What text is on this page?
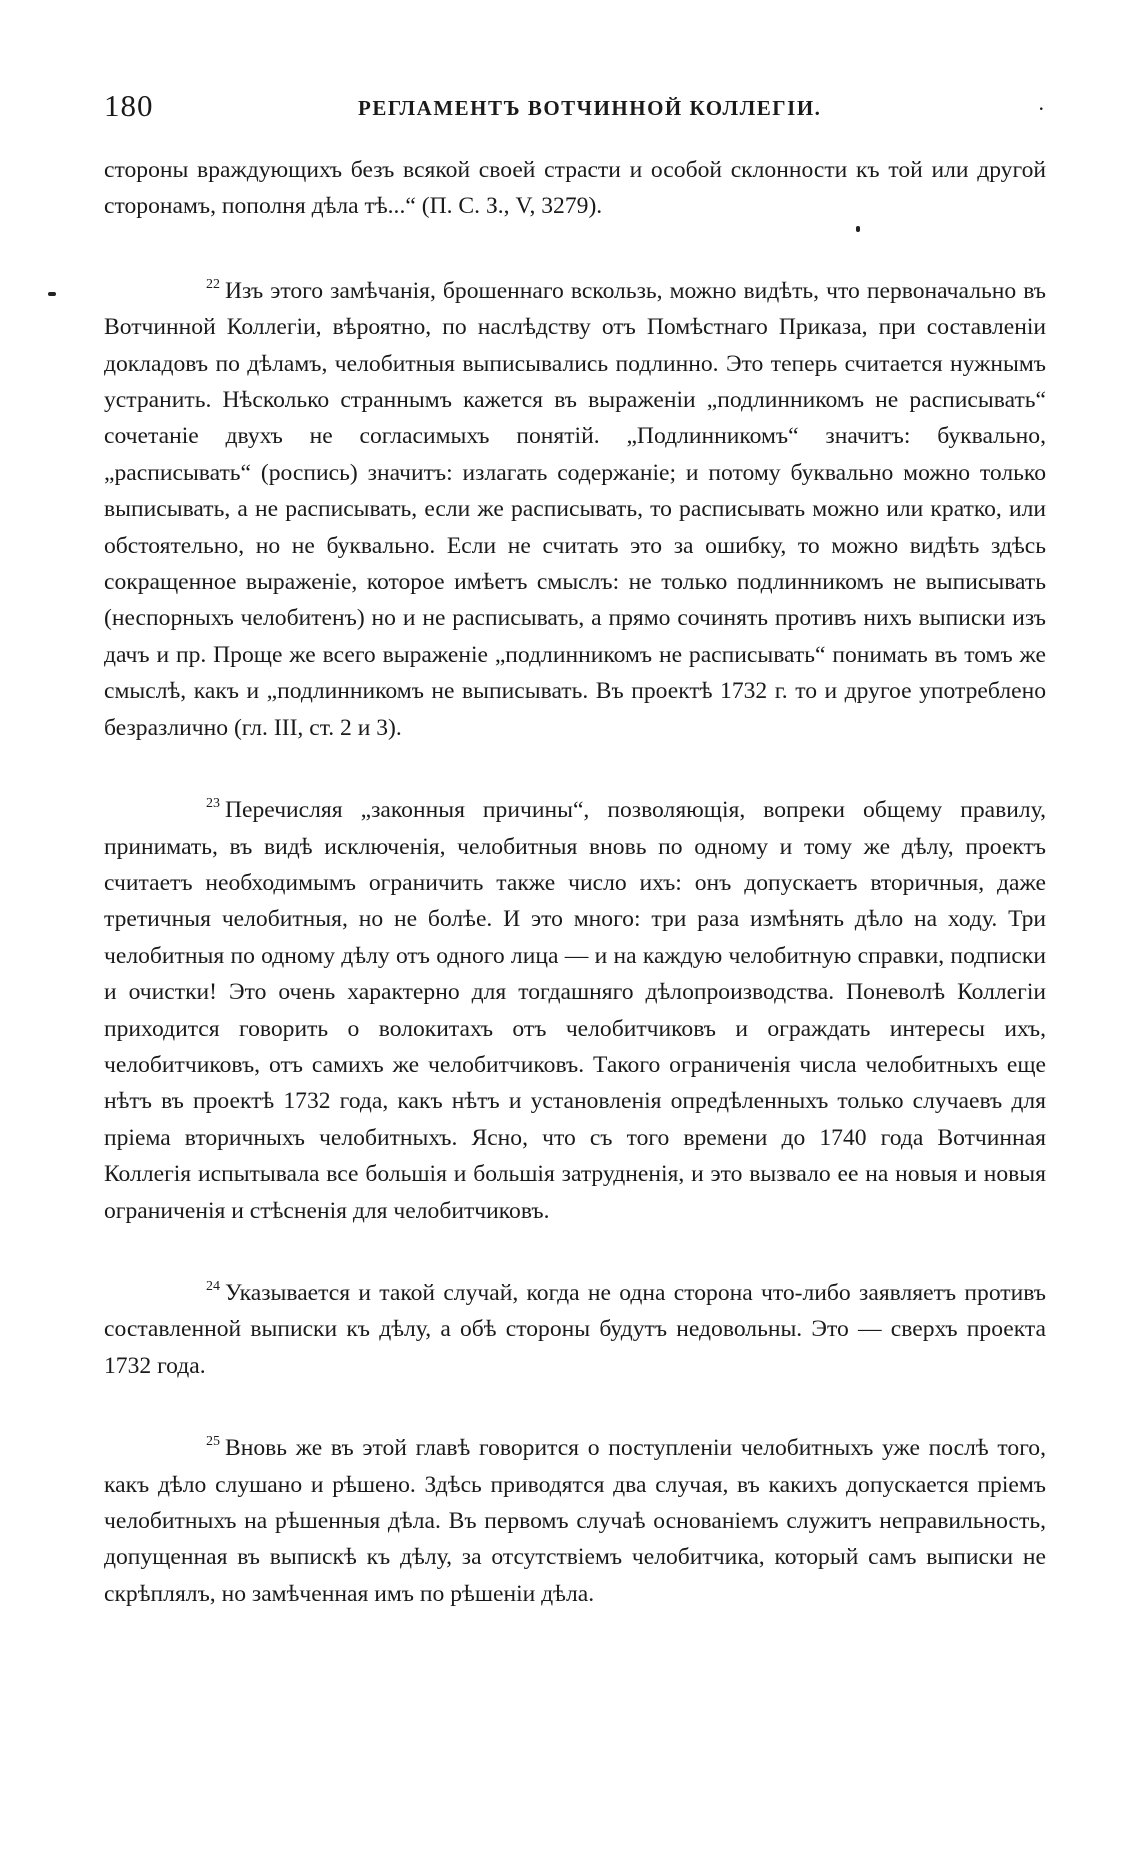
180	РЕГЛАМЕНТЪ ВОТЧИННОЙ КОЛЛЕГІИ.	.

стороны враждующихъ безъ всякой своей страсти и особой склонности къ той или другой сторонамъ, пополня дѣла тѣ...“ (П. С. З., V, 3279).

$^{22}$ Изъ этого замѣчанія, брошеннаго вскользь, можно видѣть, что первоначально въ Вотчинной Коллегіи, вѣроятно, по наслѣдству отъ Помѣстнаго Приказа, при составленіи докладовъ по дѣламъ, челобитныя выписывались подлинно. Это теперь считается нужнымъ устранить. Нѣсколько страннымъ кажется въ выраженіи „подлинникомъ не расписывать“ сочетаніе двухъ не согласимыхъ понятій. „Подлинникомъ“ значитъ: буквально, „расписывать“ (роспись) значитъ: излагать содержаніе; и потому буквально можно только выписывать, а не расписывать, если же расписывать, то расписывать можно или кратко, или обстоятельно, но не буквально. Если не считать это за ошибку, то можно видѣть здѣсь сокращенное выраженіе, которое имѣетъ смыслъ: не только подлинникомъ не выписывать (неспорныхъ челобитенъ) но и не расписывать, а прямо сочинять противъ нихъ выписки изъ дачъ и пр. Проще же всего выраженіе „подлинникомъ не расписывать“ понимать въ томъ же смыслѣ, какъ и „подлинникомъ не выписывать. Въ проектѣ 1732 г. то и другое употреблено безразлично (гл. III, ст. 2 и 3).

$^{23}$ Перечисляя „законныя причины“, позволяющія, вопреки общему правилу, принимать, въ видѣ исключенія, челобитныя вновь по одному и тому же дѣлу, проектъ считаетъ необходимымъ ограничить также число ихъ: онъ допускаетъ вторичныя, даже третичныя челобитныя, но не болѣе. И это много: три раза измѣнять дѣло на ходу. Три челобитныя по одному дѣлу отъ одного лица — и на каждую челобитную справки, подписки и очистки! Это очень характерно для тогдашняго дѣлопроизводства. Поневолѣ Коллегіи приходится говорить о волокитахъ отъ челобитчиковъ и ограждать интересы ихъ, челобитчиковъ, отъ самихъ же челобитчиковъ. Такого ограниченія числа челобитныхъ еще нѣтъ въ проектѣ 1732 года, какъ нѣтъ и установленія опредѣленныхъ только случаевъ для пріема вторичныхъ челобитныхъ. Ясно, что съ того времени до 1740 года Вотчинная Коллегія испытывала все большія и большія затрудненія, и это вызвало ее на новыя и новыя ограниченія и стѣсненія для челобитчиковъ.

$^{24}$ Указывается и такой случай, когда не одна сторона что-либо заявляетъ противъ составленной выписки къ дѣлу, а обѣ стороны будутъ недовольны. Это — сверхъ проекта 1732 года.

$^{25}$ Вновь же въ этой главѣ говорится о поступленіи челобитныхъ уже послѣ того, какъ дѣло слушано и рѣшено. Здѣсь приводятся два случая, въ какихъ допускается пріемъ челобитныхъ на рѣшенныя дѣла. Въ первомъ случаѣ основаніемъ служитъ неправильность, допущенная въ выпискѣ къ дѣлу, за отсутствіемъ челобитчика, который самъ выписки не скрѣплялъ, но замѣченная имъ по рѣшеніи дѣла.
